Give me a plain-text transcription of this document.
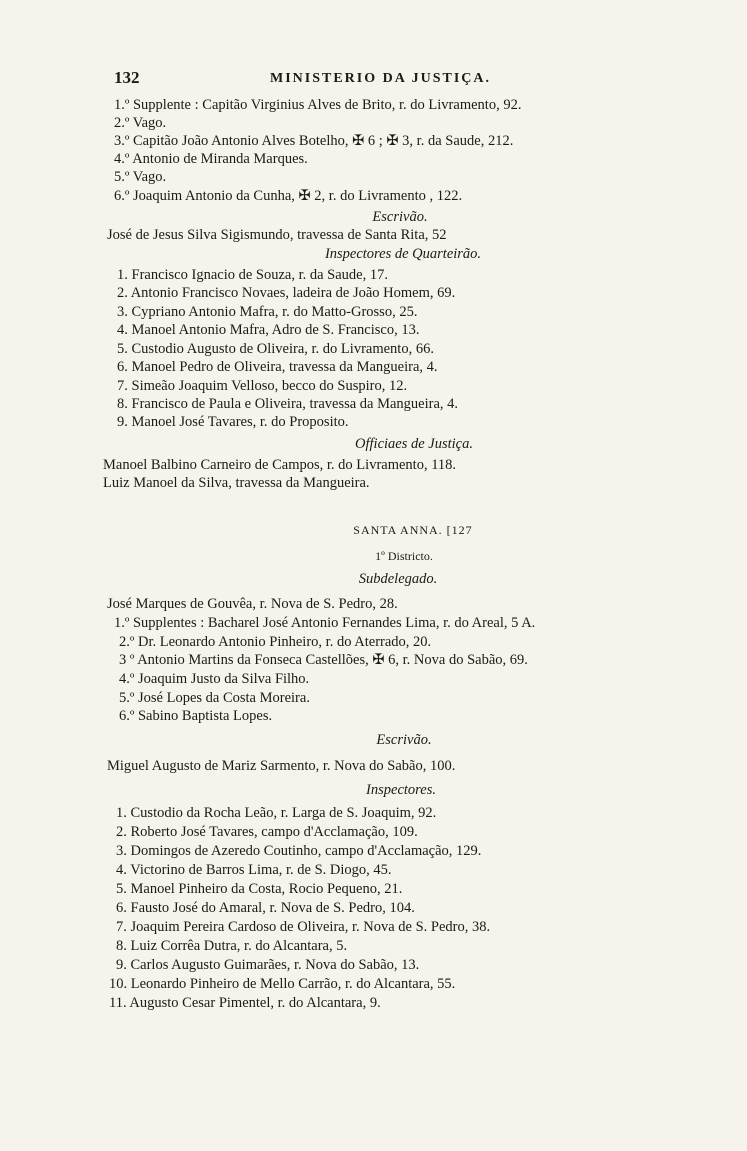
132	MINISTERIO DA JUSTIÇA.
1.º Supplente : Capitão Virginius Alves de Brito, r. do Livramento, 92.
2.º Vago.
3.º Capitão João Antonio Alves Botelho, ✠ 6 ; ✠ 3, r. da Saude, 212.
4.º Antonio de Miranda Marques.
5.º Vago.
6.º Joaquim Antonio da Cunha, ✠ 2, r. do Livramento , 122.
Escrivão.
José de Jesus Silva Sigismundo, travessa de Santa Rita, 52
Inspectores de Quarteirão.
1. Francisco Ignacio de Souza, r. da Saude, 17.
2. Antonio Francisco Novaes, ladeira de João Homem, 69.
3. Cypriano Antonio Mafra, r. do Matto-Grosso, 25.
4. Manoel Antonio Mafra, Adro de S. Francisco, 13.
5. Custodio Augusto de Oliveira, r. do Livramento, 66.
6. Manoel Pedro de Oliveira, travessa da Mangueira, 4.
7. Simeão Joaquim Velloso, becco do Suspiro, 12.
8. Francisco de Paula e Oliveira, travessa da Mangueira, 4.
9. Manoel José Tavares, r. do Proposito.
Officiaes de Justiça.
Manoel Balbino Carneiro de Campos, r. do Livramento, 118.
Luiz Manoel da Silva, travessa da Mangueira.
SANTA ANNA. [127
1º Districto.
Subdelegado.
José Marques de Gouvêa, r. Nova de S. Pedro, 28.
1.º Supplentes : Bacharel José Antonio Fernandes Lima, r. do Areal, 5 A.
2.º Dr. Leonardo Antonio Pinheiro, r. do Aterrado, 20.
3 º Antonio Martins da Fonseca Castellões, ✠ 6, r. Nova do Sabão, 69.
4.º Joaquim Justo da Silva Filho.
5.º José Lopes da Costa Moreira.
6.º Sabino Baptista Lopes.
Escrivão.
Miguel Augusto de Mariz Sarmento, r. Nova do Sabão, 100.
Inspectores.
1. Custodio da Rocha Leão, r. Larga de S. Joaquim, 92.
2. Roberto José Tavares, campo d'Acclamação, 109.
3. Domingos de Azeredo Coutinho, campo d'Acclamação, 129.
4. Victorino de Barros Lima, r. de S. Diogo, 45.
5. Manoel Pinheiro da Costa, Rocio Pequeno, 21.
6. Fausto José do Amaral, r. Nova de S. Pedro, 104.
7. Joaquim Pereira Cardoso de Oliveira, r. Nova de S. Pedro, 38.
8. Luiz Corrêa Dutra, r. do Alcantara, 5.
9. Carlos Augusto Guimarães, r. Nova do Sabão, 13.
10. Leonardo Pinheiro de Mello Carrão, r. do Alcantara, 55.
11. Augusto Cesar Pimentel, r. do Alcantara, 9.
